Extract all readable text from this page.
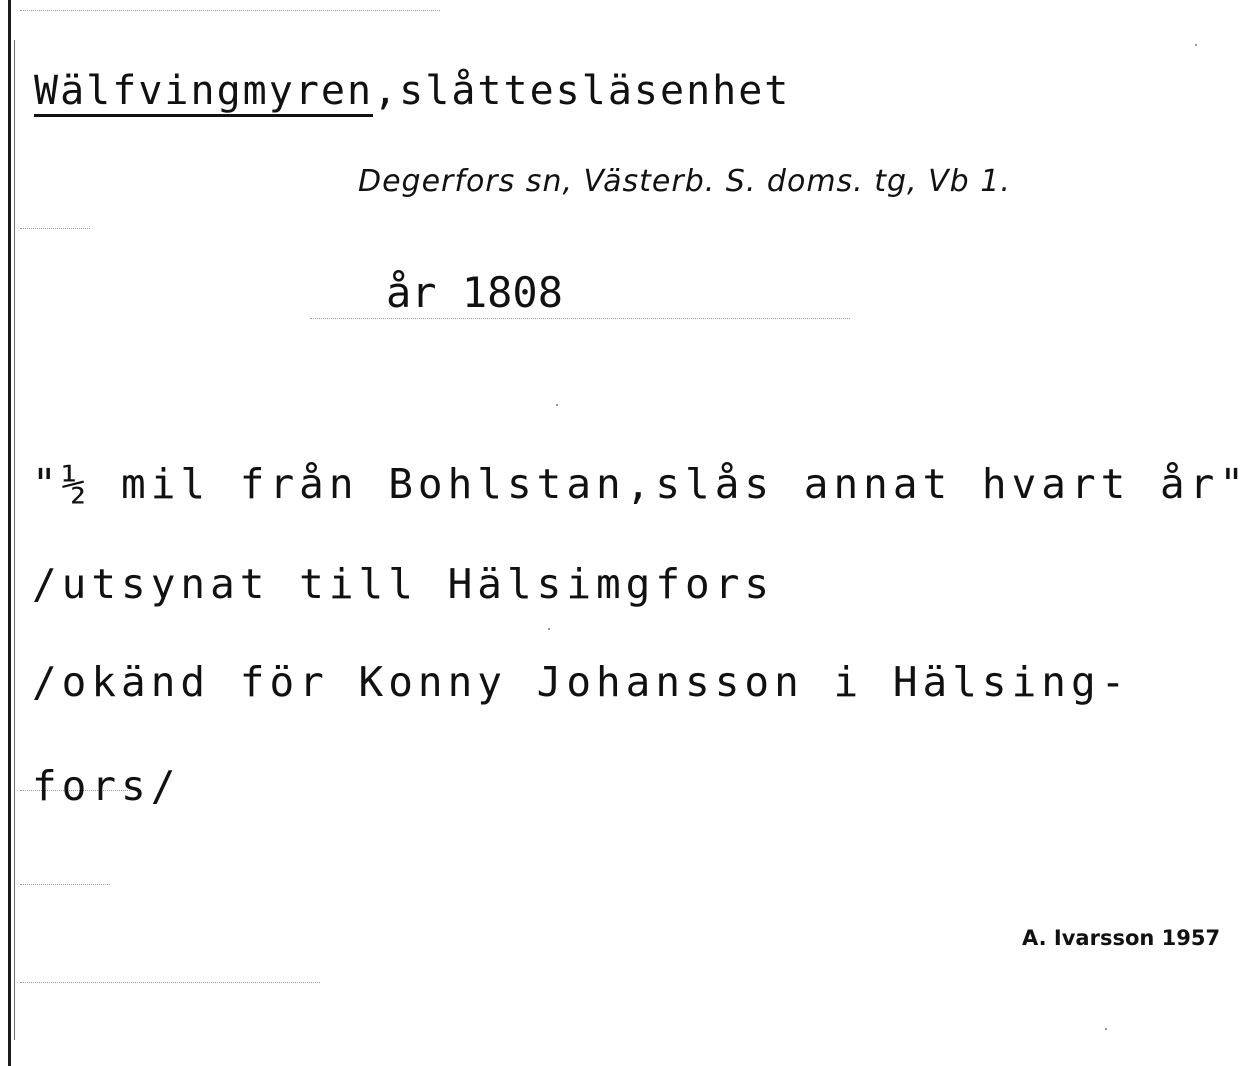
Wälfvingmyren,slåttesläsenhet
Degerfors sn, Västerb. S. doms. tg, Vb 1.
år 1808
"½ mil från Bohlstan,slås annat hvart år"
/utsynat till Hälsimgfors
/okänd för Konny Johansson i Hälsing-
fors/
A. Ivarsson 1957
